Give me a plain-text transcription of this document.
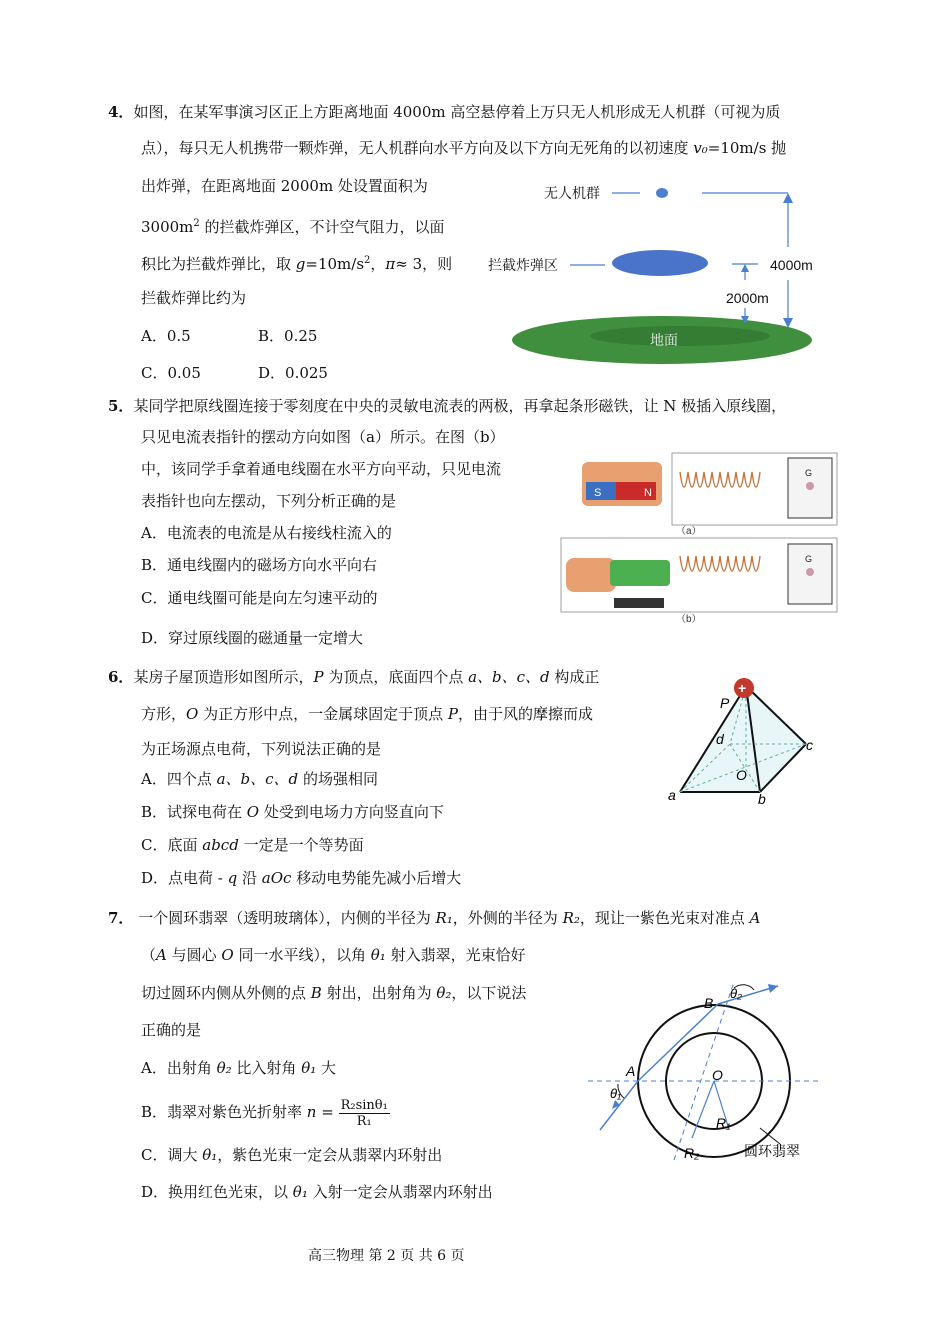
4．如图，在某军事演习区正上方距离地面 4000m 高空悬停着上万只无人机形成无人机群（可视为质
点），每只无人机携带一颗炸弹，无人机群向水平方向及以下方向无死角的以初速度 v₀=10m/s 抛
出炸弹，在距离地面 2000m 处设置面积为
$3000m^2$ 的拦截炸弹区，不计空气阻力，以面
积比为拦截炸弹比，取 $g=10m/s^2$，π≈ 3，则
拦截炸弹比约为
A．0.5	B．0.25
C．0.05	D．0.025
地面
无人机群
拦截炸弹区	4000m
2000m
5．某同学把原线圈连接于零刻度在中央的灵敏电流表的两极，再拿起条形磁铁，让 N 极插入原线圈，
只见电流表指针的摆动方向如图（a）所示。在图（b）
中，该同学手拿着通电线圈在水平方向平动，只见电流
表指针也向左摆动，下列分析正确的是
A．电流表的电流是从右接线柱流入的
B．通电线圈内的磁场方向水平向右
C．通电线圈可能是向左匀速平动的
D．穿过原线圈的磁通量一定增大
S	N
G
（a）
G
（b）
6．某房子屋顶造形如图所示，P 为顶点，底面四个点 a、b、c、d 构成正
方形，O 为正方形中点，一金属球固定于顶点 P，由于风的摩擦而成
为正场源点电荷，下列说法正确的是
A．四个点 a、b、c、d 的场强相同
B．试探电荷在 O 处受到电场力方向竖直向下
C．底面 abcd 一定是一个等势面
D．点电荷 - q 沿 aOc 移动电势能先减小后增大
+
P
d	c
O
a	b
7． 一个圆环翡翠（透明玻璃体），内侧的半径为 R₁，外侧的半径为 R₂，现让一紫色光束对准点 A
（A 与圆心 O 同一水平线），以角 θ₁ 射入翡翠，光束恰好
切过圆环内侧从外侧的点 B 射出，出射角为 θ₂，以下说法
正确的是
A．出射角 θ₂ 比入射角 θ₁ 大
B．翡翠对紫色光折射率 $n = \frac{\text{R₂sinθ₁}}{\text{R₁}}$
C．调大 θ₁，紫色光束一定会从翡翠内环射出
D．换用红色光束，以 θ₁ 入射一定会从翡翠内环射出
θ₂
B
A	O
θ₁
R₁
R₂	圆环翡翠
高三物理 第 2 页 共 6 页
